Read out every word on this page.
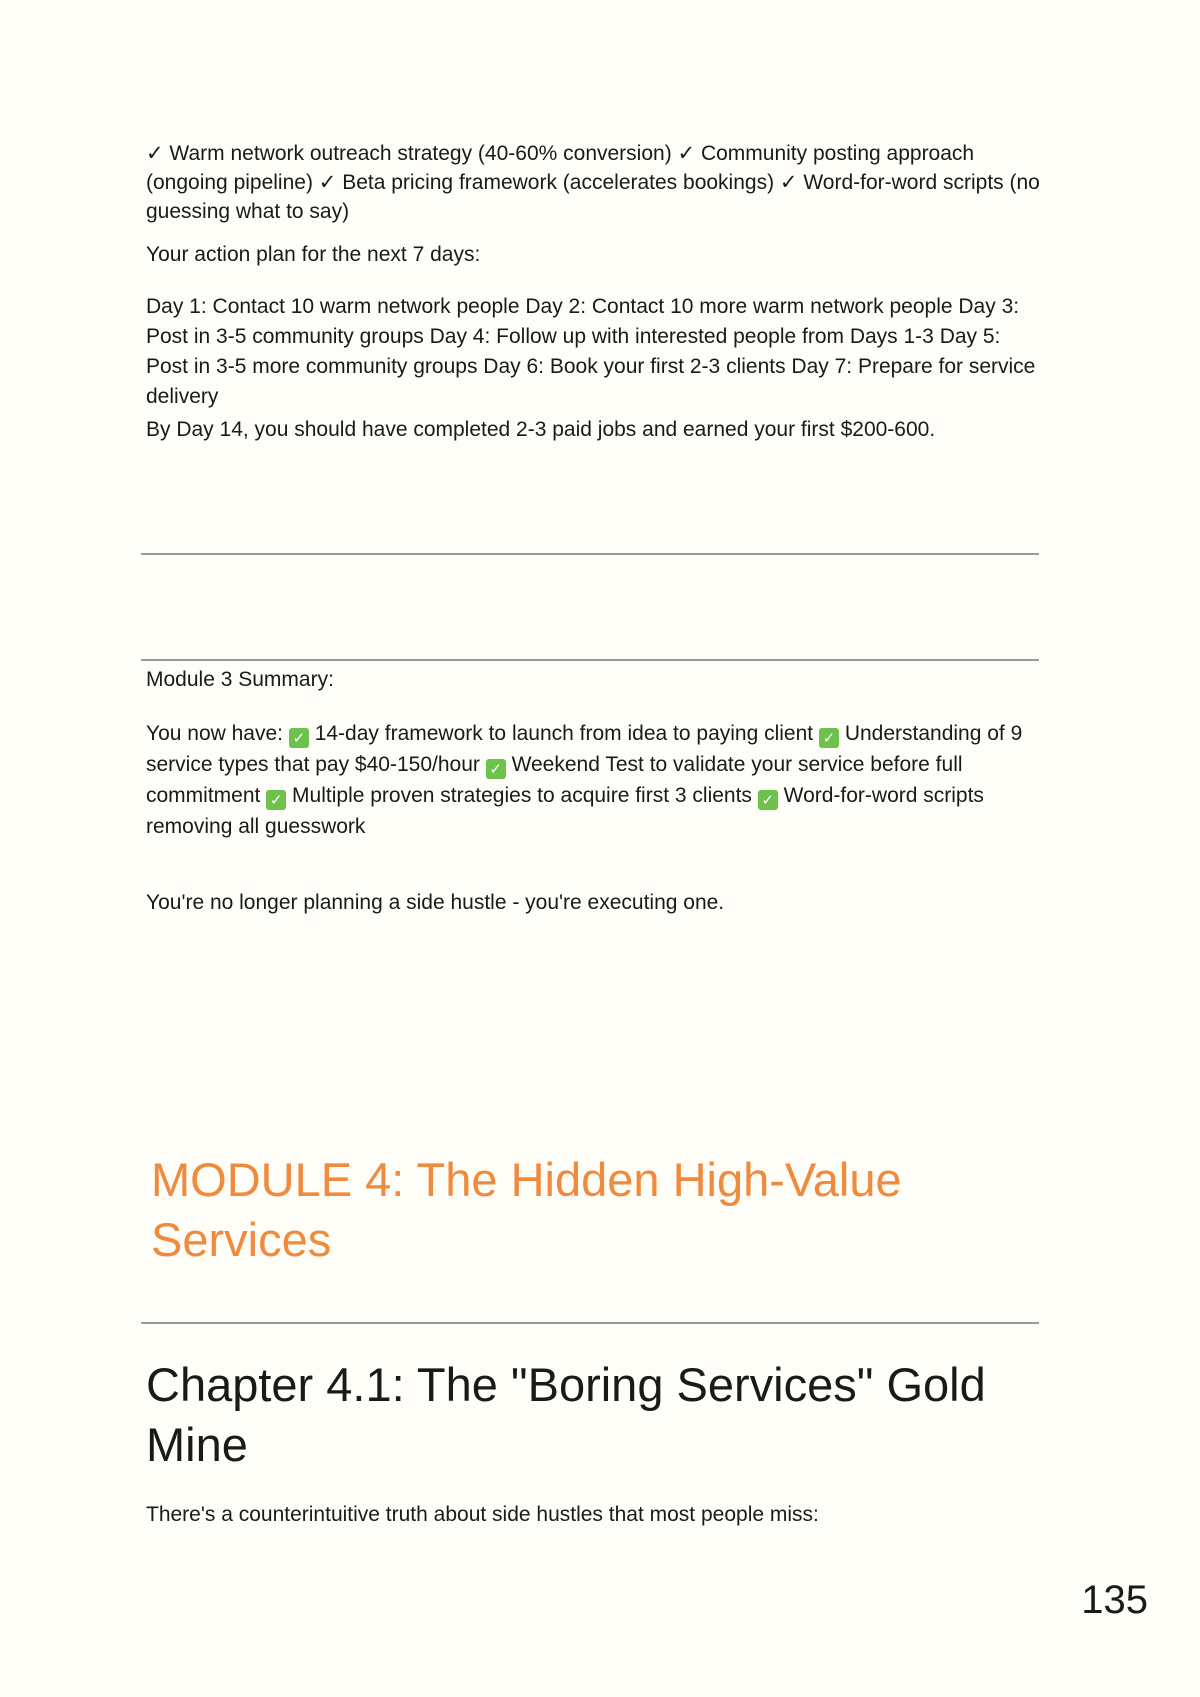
✓ Warm network outreach strategy (40-60% conversion) ✓ Community posting approach (ongoing pipeline) ✓ Beta pricing framework (accelerates bookings) ✓ Word-for-word scripts (no guessing what to say)

Your action plan for the next 7 days:

Day 1: Contact 10 warm network people Day 2: Contact 10 more warm network people Day 3: Post in 3-5 community groups Day 4: Follow up with interested people from Days 1-3 Day 5: Post in 3-5 more community groups Day 6: Book your first 2-3 clients Day 7: Prepare for service delivery

By Day 14, you should have completed 2-3 paid jobs and earned your first $200-600.

Module 3 Summary:

You now have: ✓ 14-day framework to launch from idea to paying client ✓ Understanding of 9 service types that pay $40-150/hour ✓ Weekend Test to validate your service before full commitment ✓ Multiple proven strategies to acquire first 3 clients ✓ Word-for-word scripts removing all guesswork

You're no longer planning a side hustle - you're executing one.

MODULE 4: The Hidden High-Value Services
Chapter 4.1: The "Boring Services" Gold Mine

There's a counterintuitive truth about side hustles that most people miss:

135
